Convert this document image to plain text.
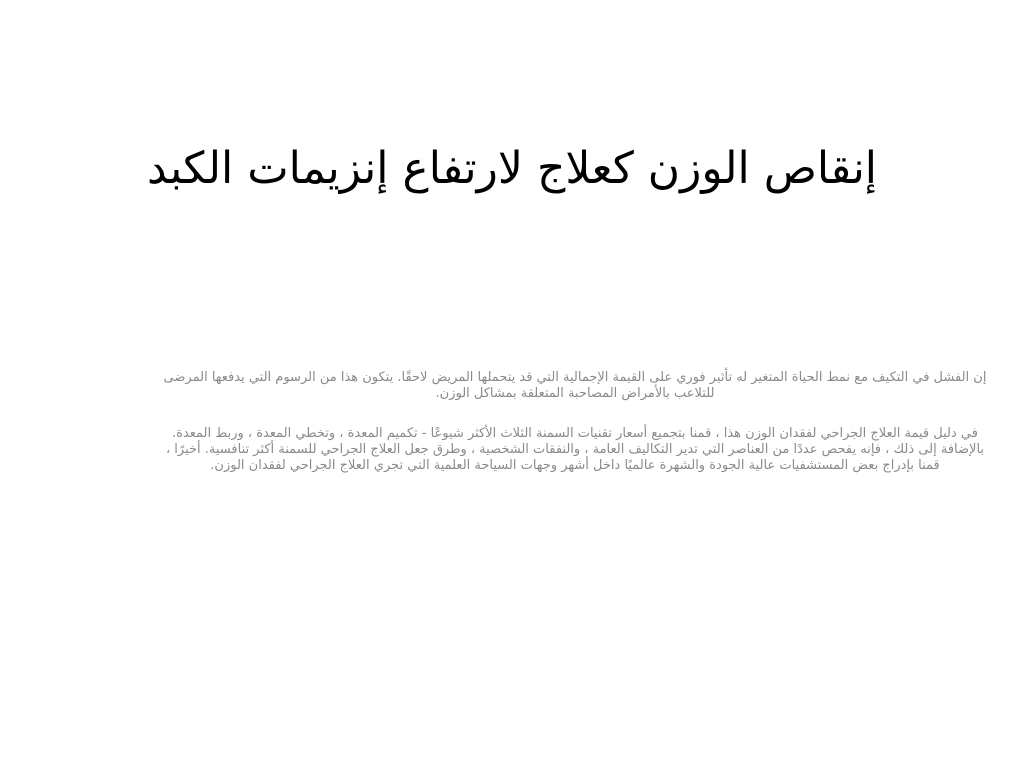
إنقاص الوزن كعلاج لارتفاع إنزيمات الكبد

إن الفشل في التكيف مع نمط الحياة المتغير له تأثير فوري على القيمة الإجمالية التي قد يتحملها المريض لاحقًا. يتكون هذا من الرسوم التي يدفعها المرضى للتلاعب بالأمراض المصاحبة المتعلقة بمشاكل الوزن.

في دليل قيمة العلاج الجراحي لفقدان الوزن هذا ، قمنا بتجميع أسعار تقنيات السمنة الثلاث الأكثر شيوعًا - تكميم المعدة ، وتخطي المعدة ، وربط المعدة. بالإضافة إلى ذلك ، فإنه يفحص عددًا من العناصر التي تدير التكاليف العامة ، والنفقات الشخصية ، وطرق جعل العلاج الجراحي للسمنة أكثر تنافسية. أخيرًا ، قمنا بإدراج بعض المستشفيات عالية الجودة والشهرة عالميًا داخل أشهر وجهات السياحة العلمية التي تجري العلاج الجراحي لفقدان الوزن.
